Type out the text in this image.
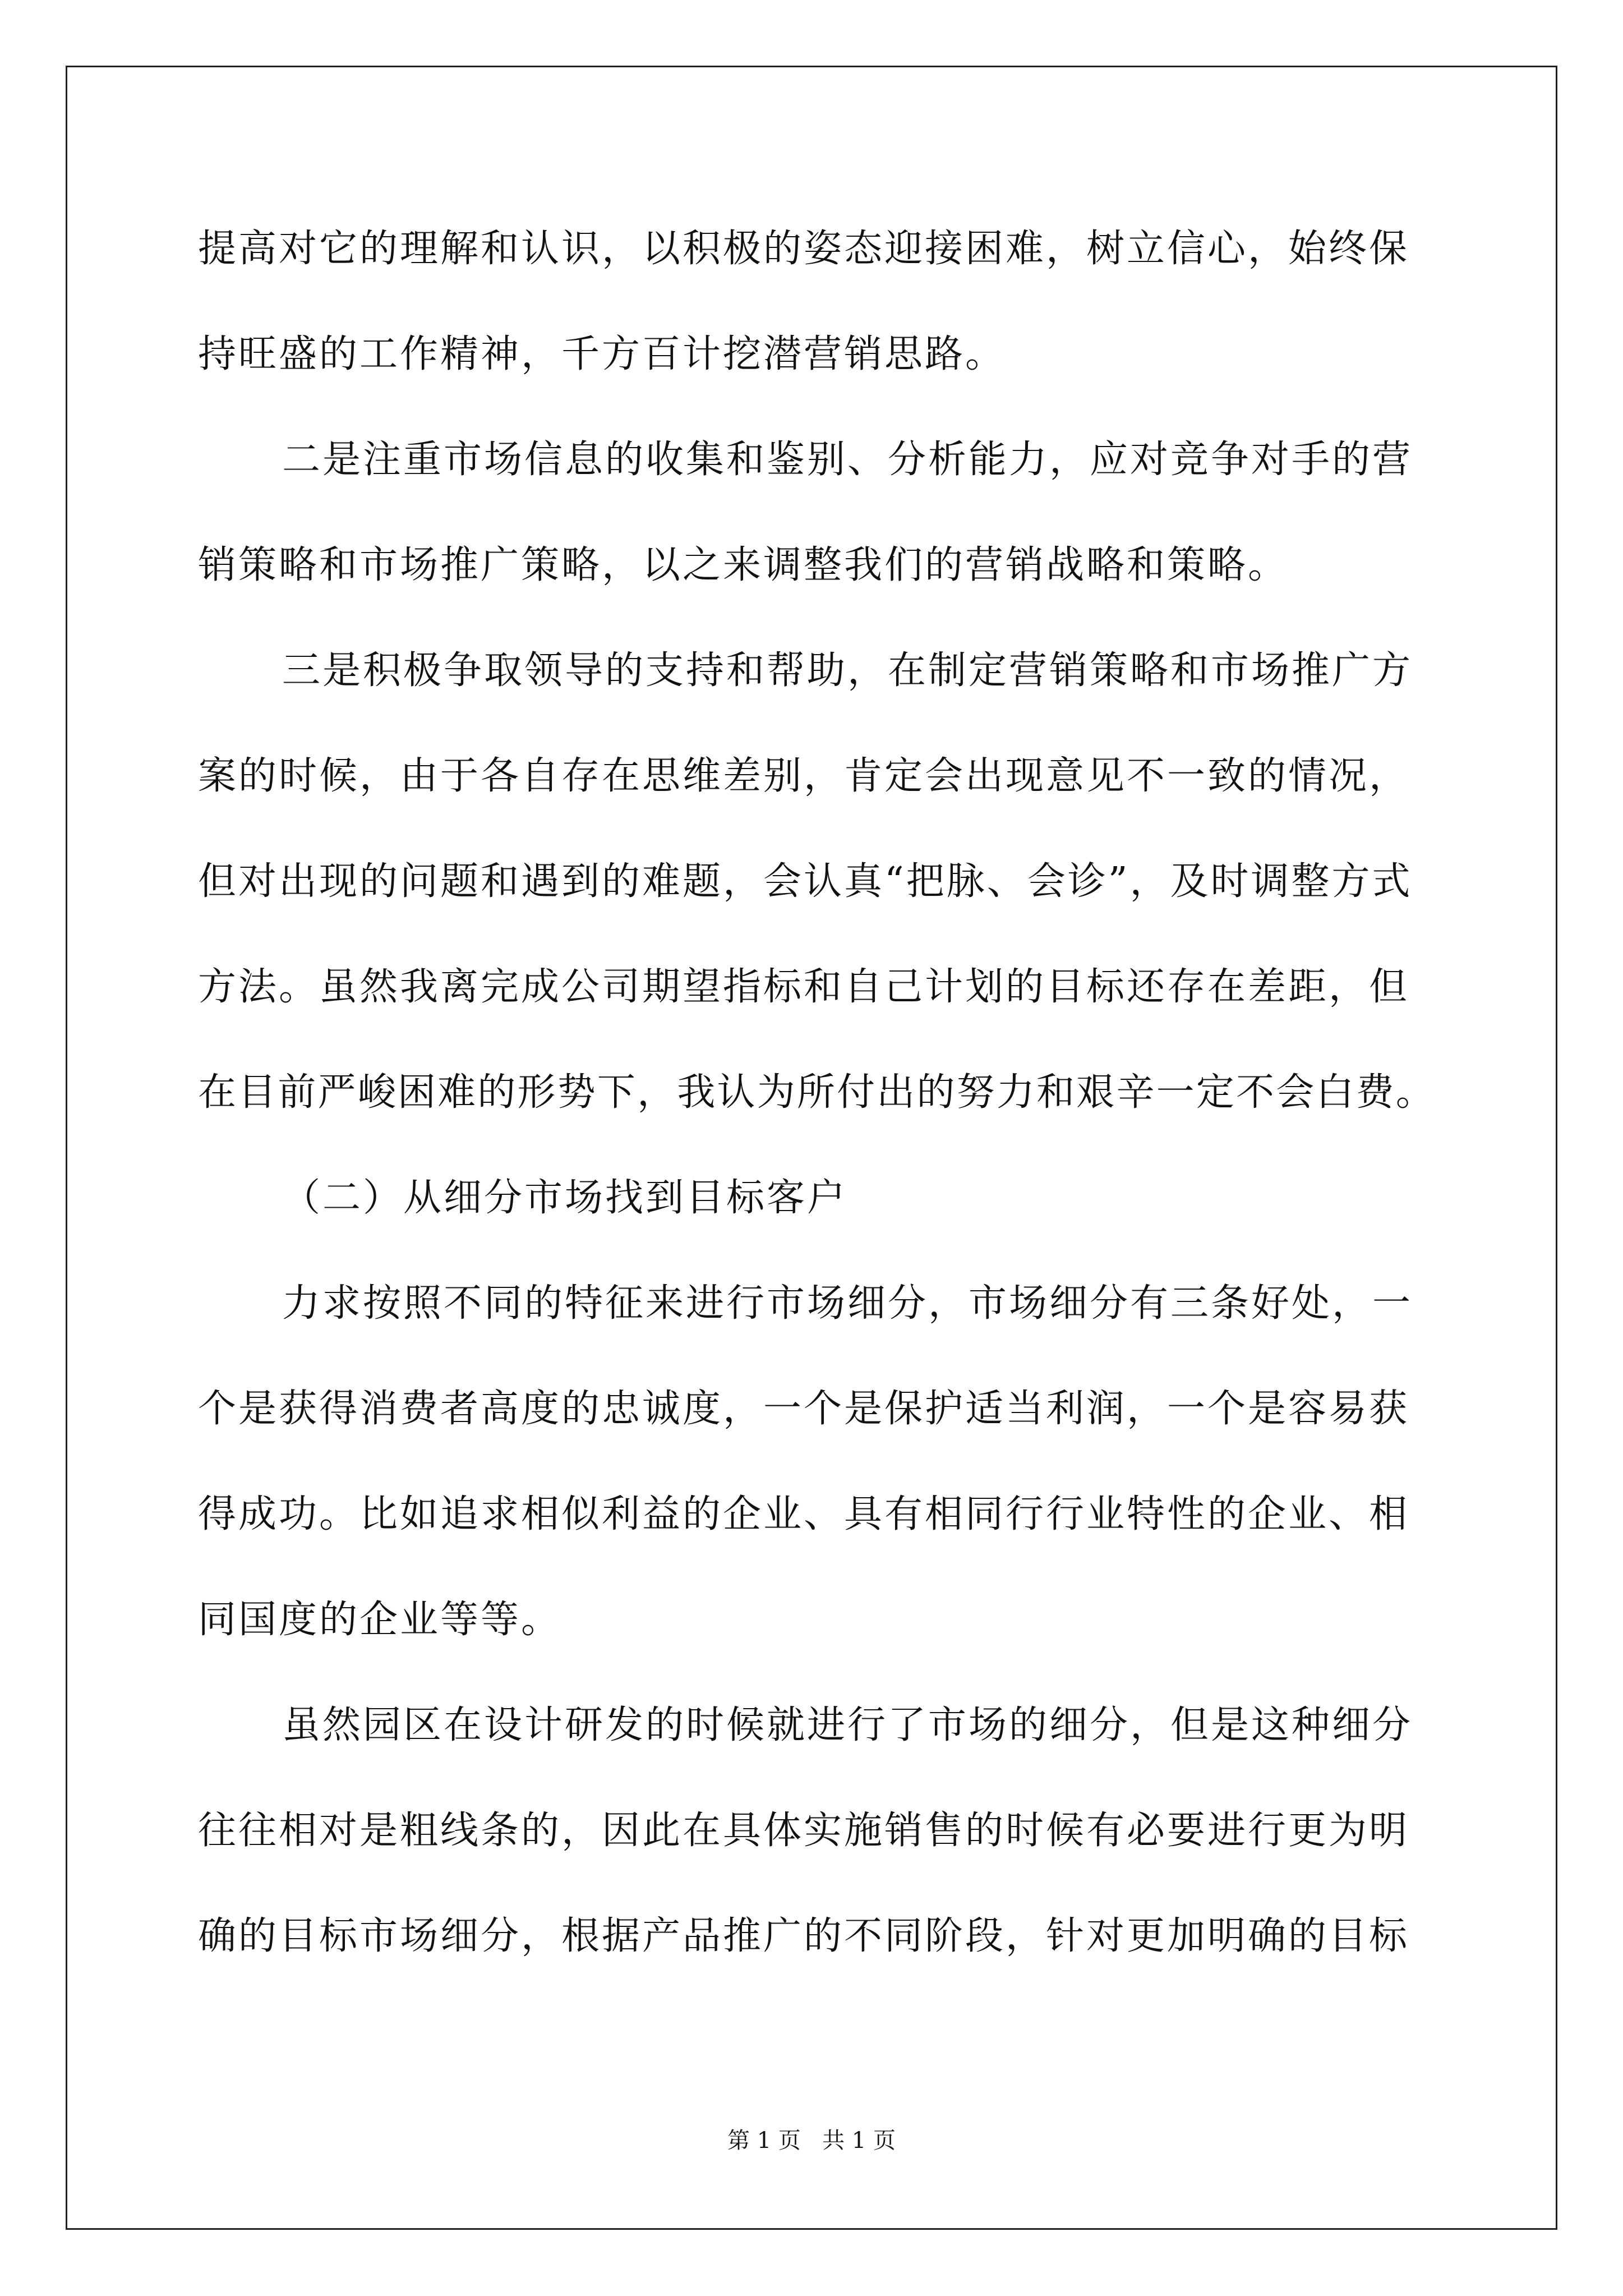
提高对它的理解和认识，以积极的姿态迎接困难，树立信心，始终保
持旺盛的工作精神，千方百计挖潜营销思路。
二是注重市场信息的收集和鉴别、分析能力，应对竞争对手的营
销策略和市场推广策略，以之来调整我们的营销战略和策略。
三是积极争取领导的支持和帮助，在制定营销策略和市场推广方
案的时候，由于各自存在思维差别，肯定会出现意见不一致的情况，
但对出现的问题和遇到的难题，会认真“把脉、会诊”，及时调整方式
方法。虽然我离完成公司期望指标和自己计划的目标还存在差距，但
在目前严峻困难的形势下，我认为所付出的努力和艰辛一定不会白费。
（二）从细分市场找到目标客户
力求按照不同的特征来进行市场细分，市场细分有三条好处，一
个是获得消费者高度的忠诚度，一个是保护适当利润，一个是容易获
得成功。比如追求相似利益的企业、具有相同行行业特性的企业、相
同国度的企业等等。
虽然园区在设计研发的时候就进行了市场的细分，但是这种细分
往往相对是粗线条的，因此在具体实施销售的时候有必要进行更为明
确的目标市场细分，根据产品推广的不同阶段，针对更加明确的目标
第 1 页   共 1 页
